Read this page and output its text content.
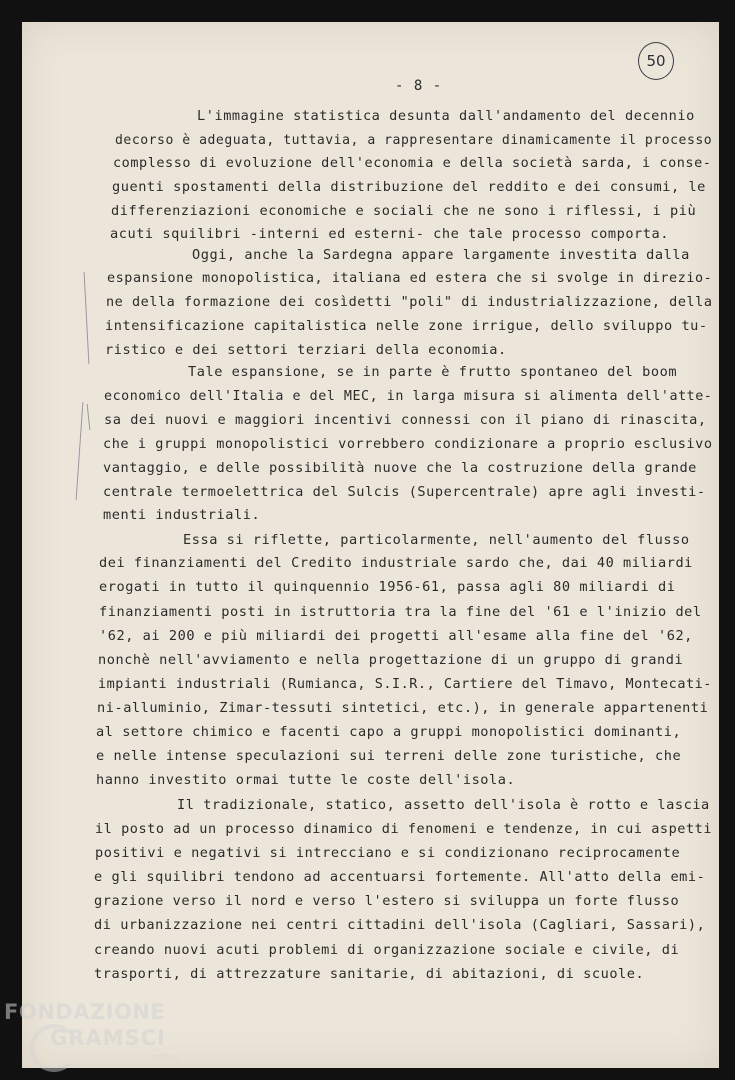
50
- 8 -
L'immagine statistica desunta dall'andamento del decennio
decorso è adeguata, tuttavia, a rappresentare dinamicamente il processo
complesso di evoluzione dell'economia e della società sarda, i conse-
guenti spostamenti della distribuzione del reddito e dei consumi, le
differenziazioni economiche e sociali che ne sono i riflessi, i più
acuti squilibri -interni ed esterni- che tale processo comporta.
Oggi, anche la Sardegna appare largamente investita dalla
espansione monopolistica, italiana ed estera che si svolge in direzio-
ne della formazione dei cosìdetti "poli" di industrializzazione, della
intensificazione capitalistica nelle zone irrigue, dello sviluppo tu-
ristico e dei settori terziari della economia.
Tale espansione, se in parte è frutto spontaneo del boom
economico dell'Italia e del MEC, in larga misura si alimenta dell'atte-
sa dei nuovi e maggiori incentivi connessi con il piano di rinascita,
che i gruppi monopolistici vorrebbero condizionare a proprio esclusivo
vantaggio, e delle possibilità nuove che la costruzione della grande
centrale termoelettrica del Sulcis (Supercentrale) apre agli investi-
menti industriali.
Essa si riflette, particolarmente, nell'aumento del flusso
dei finanziamenti del Credito industriale sardo che, dai 40 miliardi
erogati in tutto il quinquennio 1956-61, passa agli 80 miliardi di
finanziamenti posti in istruttoria tra la fine del '61 e l'inizio del
'62, ai 200 e più miliardi dei progetti all'esame alla fine del '62,
nonchè nell'avviamento e nella progettazione di un gruppo di grandi
impianti industriali (Rumianca, S.I.R., Cartiere del Timavo, Montecati-
ni-alluminio, Zimar-tessuti sintetici, etc.), in generale appartenenti
al settore chimico e facenti capo a gruppi monopolistici dominanti,
e nelle intense speculazioni sui terreni delle zone turistiche, che
hanno investito ormai tutte le coste dell'isola.
Il tradizionale, statico, assetto dell'isola è rotto e lascia
il posto ad un processo dinamico di fenomeni e tendenze, in cui aspetti
positivi e negativi si intrecciano e si condizionano reciprocamente
e gli squilibri tendono ad accentuarsi fortemente. All'atto della emi-
grazione verso il nord e verso l'estero si sviluppa un forte flusso
di urbanizzazione nei centri cittadini dell'isola (Cagliari, Sassari),
creando nuovi acuti problemi di organizzazione sociale e civile, di
trasporti, di attrezzature sanitarie, di abitazioni, di scuole.
FONDAZIONE
GRAMSCI
onlus
